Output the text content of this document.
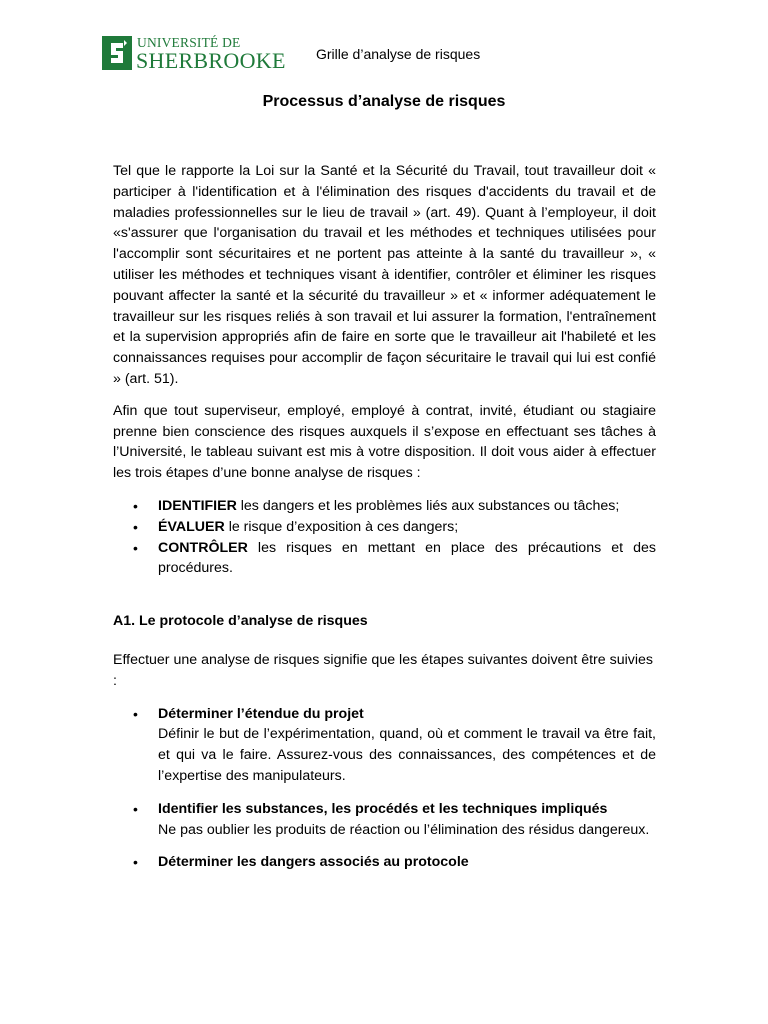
UNIVERSITÉ DE
SHERBROOKE Grille d’analyse de risques
Processus d’analyse de risques

Tel que le rapporte la Loi sur la Santé et la Sécurité du Travail, tout travailleur doit « participer à l'identification et à l'élimination des risques d'accidents du travail et de maladies professionnelles sur le lieu de travail » (art. 49). Quant à l’employeur, il doit «s'assurer que l'organisation du travail et les méthodes et techniques utilisées pour l'accomplir sont sécuritaires et ne portent pas atteinte à la santé du travailleur », « utiliser les méthodes et techniques visant à identifier, contrôler et éliminer les risques pouvant affecter la santé et la sécurité du travailleur » et « informer adéquatement le travailleur sur les risques reliés à son travail et lui assurer la formation, l'entraînement et la supervision appropriés afin de faire en sorte que le travailleur ait l'habileté et les connaissances requises pour accomplir de façon sécuritaire le travail qui lui est confié » (art. 51).

Afin que tout superviseur, employé, employé à contrat, invité, étudiant ou stagiaire prenne bien conscience des risques auxquels il s’expose en effectuant ses tâches à l’Université, le tableau suivant est mis à votre disposition. Il doit vous aider à effectuer les trois étapes d’une bonne analyse de risques :

• IDENTIFIER les dangers et les problèmes liés aux substances ou tâches;
• ÉVALUER le risque d’exposition à ces dangers;
• CONTRÔLER les risques en mettant en place des précautions et des procédures.
A1. Le protocole d’analyse de risques

Effectuer une analyse de risques signifie que les étapes suivantes doivent être suivies :

• Déterminer l’étendue du projet
Définir le but de l’expérimentation, quand, où et comment le travail va être fait, et qui va le faire. Assurez-vous des connaissances, des compétences et de l’expertise des manipulateurs.
• Identifier les substances, les procédés et les techniques impliqués
Ne pas oublier les produits de réaction ou l’élimination des résidus dangereux.
• Déterminer les dangers associés au protocole
